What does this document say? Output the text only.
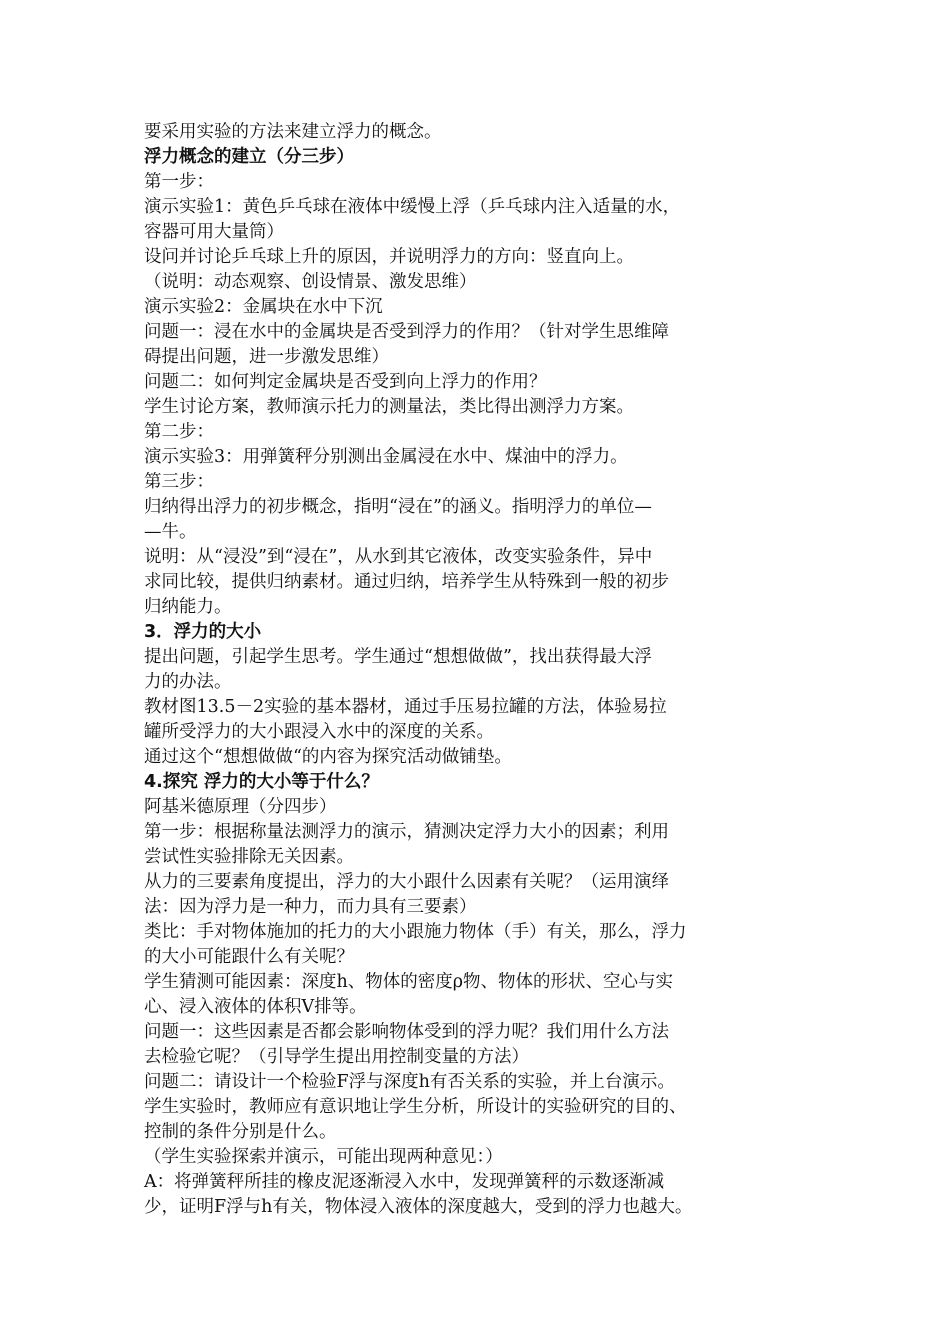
要采用实验的方法来建立浮力的概念。

浮力概念的建立（分三步）

第一步：

演示实验1：黄色乒乓球在液体中缓慢上浮（乒乓球内注入适量的水，

容器可用大量筒）

设问并讨论乒乓球上升的原因，并说明浮力的方向：竖直向上。

（说明：动态观察、创设情景、激发思维）

演示实验2：金属块在水中下沉

问题一：浸在水中的金属块是否受到浮力的作用？（针对学生思维障

碍提出问题，进一步激发思维）

问题二：如何判定金属块是否受到向上浮力的作用？

学生讨论方案，教师演示托力的测量法，类比得出测浮力方案。

第二步：

演示实验3：用弹簧秤分别测出金属浸在水中、煤油中的浮力。

第三步：

归纳得出浮力的初步概念，指明“浸在”的涵义。指明浮力的单位—

—牛。

说明：从“浸没”到“浸在”，从水到其它液体，改变实验条件，异中

求同比较，提供归纳素材。通过归纳，培养学生从特殊到一般的初步

归纳能力。

3．浮力的大小

提出问题，引起学生思考。学生通过“想想做做”，找出获得最大浮

力的办法。

教材图13.5－2实验的基本器材，通过手压易拉罐的方法，体验易拉

罐所受浮力的大小跟浸入水中的深度的关系。

通过这个“想想做做“的内容为探究活动做铺垫。

4.探究 浮力的大小等于什么？

阿基米德原理（分四步）

第一步：根据称量法测浮力的演示，猜测决定浮力大小的因素；利用

尝试性实验排除无关因素。

从力的三要素角度提出，浮力的大小跟什么因素有关呢？（运用演绎

法：因为浮力是一种力，而力具有三要素）

类比：手对物体施加的托力的大小跟施力物体（手）有关，那么，浮力

的大小可能跟什么有关呢？

学生猜测可能因素：深度h、物体的密度ρ物、物体的形状、空心与实

心、浸入液体的体积V排等。

问题一：这些因素是否都会影响物体受到的浮力呢？我们用什么方法

去检验它呢？（引导学生提出用控制变量的方法）

问题二：请设计一个检验F浮与深度h有否关系的实验，并上台演示。

学生实验时，教师应有意识地让学生分析，所设计的实验研究的目的、

控制的条件分别是什么。

（学生实验探索并演示，可能出现两种意见：）

A：将弹簧秤所挂的橡皮泥逐渐浸入水中，发现弹簧秤的示数逐渐减

少，证明F浮与h有关，物体浸入液体的深度越大，受到的浮力也越大。
